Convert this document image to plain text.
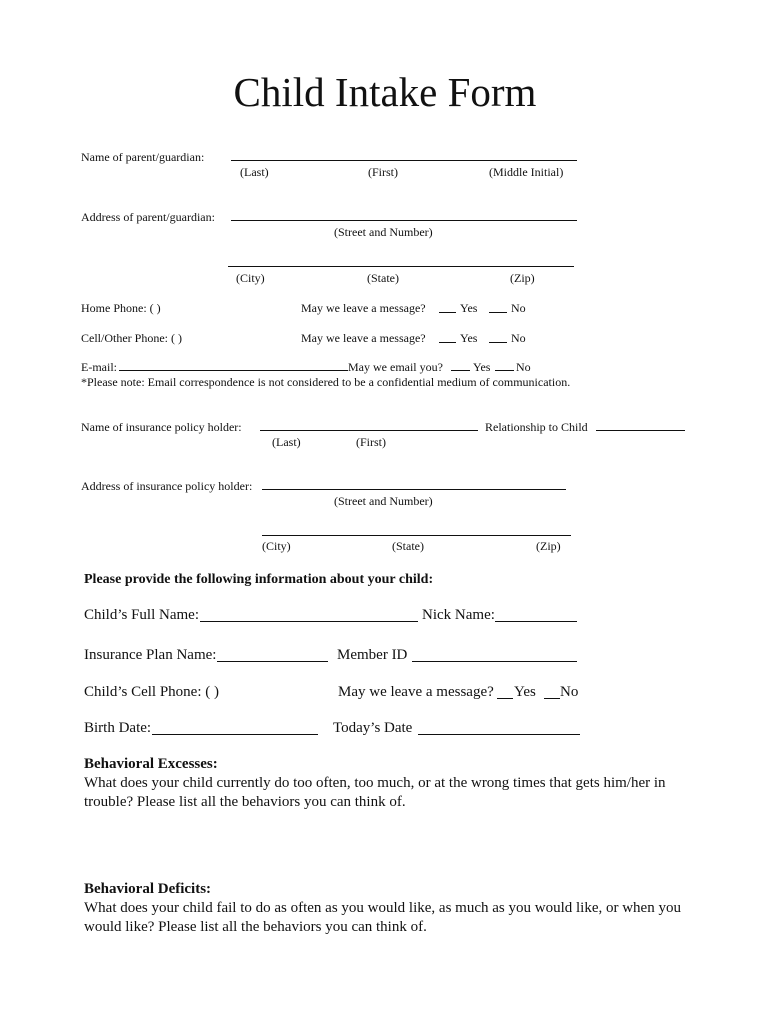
Child Intake Form
Name of parent/guardian:
(Last)	(First)	(Middle Initial)
Address of parent/guardian:
(Street and Number)
(City)	(State)	(Zip)
Home Phone: ( )	May we leave a message?	Yes	No
Cell/Other Phone: ( )	May we leave a message?	Yes	No
E-mail:	May we email you?	Yes No
*Please note: Email correspondence is not considered to be a confidential medium of communication.
Name of insurance policy holder:	Relationship to Child
(Last)	(First)
Address of insurance policy holder:
(Street and Number)
(City)	(State)	(Zip)
Please provide the following information about your child:
Child’s Full Name:	Nick Name:
Insurance Plan Name:	Member ID
Child’s Cell Phone: ( )	May we leave a message? Yes No
Birth Date:	Today’s Date
Behavioral Excesses:
What does your child currently do too often, too much, or at the wrong times that gets him/her in trouble? Please list all the behaviors you can think of.
Behavioral Deficits:
What does your child fail to do as often as you would like, as much as you would like, or when you would like? Please list all the behaviors you can think of.
